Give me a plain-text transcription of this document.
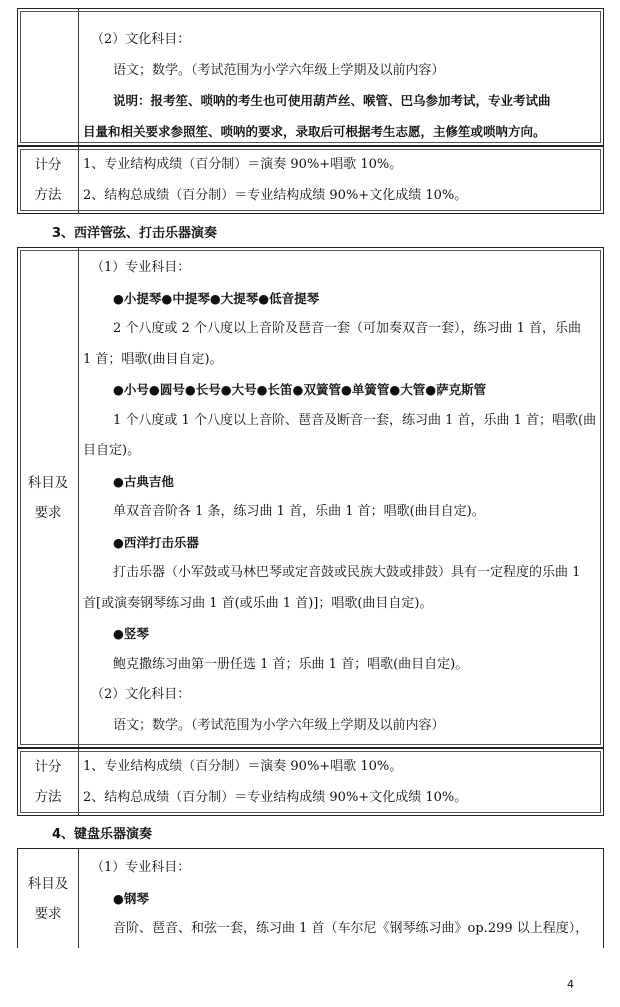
（2）文化科目：
语文；数学。（考试范围为小学六年级上学期及以前内容）
说明：报考笙、唢呐的考生也可使用葫芦丝、喉管、巴乌参加考试，专业考试曲
目量和相关要求参照笙、唢呐的要求，录取后可根据考生志愿，主修笙或唢呐方向。
计分
方法
1、专业结构成绩（百分制）＝演奏 90%+唱歌 10%。
2、结构总成绩（百分制）＝专业结构成绩 90%+文化成绩 10%。
3、西洋管弦、打击乐器演奏
科目及
要求
（1）专业科目：
●小提琴●中提琴●大提琴●低音提琴
2 个八度或 2 个八度以上音阶及琶音一套（可加奏双音一套），练习曲 1 首，乐曲
1 首；唱歌(曲目自定)。
●小号●圆号●长号●大号●长笛●双簧管●单簧管●大管●萨克斯管
1 个八度或 1 个八度以上音阶、琶音及断音一套，练习曲 1 首，乐曲 1 首；唱歌(曲
目自定)。
●古典吉他
单双音音阶各 1 条，练习曲 1 首，乐曲 1 首；唱歌(曲目自定)。
●西洋打击乐器
打击乐器（小军鼓或马林巴琴或定音鼓或民族大鼓或排鼓）具有一定程度的乐曲 1
首[或演奏钢琴练习曲 1 首(或乐曲 1 首)]；唱歌(曲目自定)。
●竖琴
鲍克撒练习曲第一册任选 1 首；乐曲 1 首；唱歌(曲目自定)。
（2）文化科目：
语文；数学。（考试范围为小学六年级上学期及以前内容）
计分
方法
1、专业结构成绩（百分制）＝演奏 90%+唱歌 10%。
2、结构总成绩（百分制）＝专业结构成绩 90%+文化成绩 10%。
4、键盘乐器演奏
科目及
要求
（1）专业科目：
●钢琴
音阶、琶音、和弦一套，练习曲 1 首（车尔尼《钢琴练习曲》op.299 以上程度），
4
